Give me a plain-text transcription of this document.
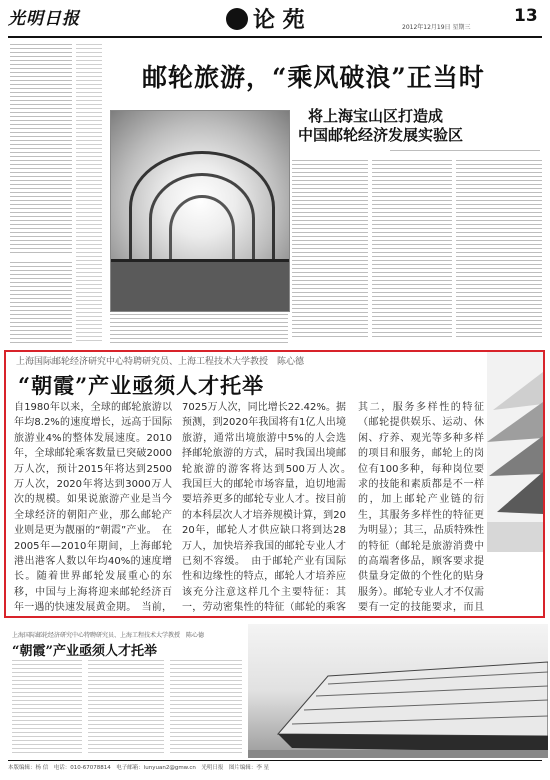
光明日报	论 苑	2012年12月19日 星期三
13
邮轮旅游，“乘风破浪”正当时
将上海宝山区打造成
中国邮轮经济发展实验区
上海国际邮轮经济研究中心特聘研究员、上海工程技术大学教授　陈心德
“朝霞”产业亟须人才托举
自1980年以来，全球的邮轮旅游以年均8.2%的速度增长，远高于国际旅游业4%的整体发展速度。2010年，全球邮轮乘客数量已突破2000万人次，预计2015年将达到2500万人次，2020年将达到3000万人次的规模。如果说旅游产业是当今全球经济的朝阳产业，那么邮轮产业则是更为靓丽的“朝霞”产业。　在2005年—2010年期间，上海邮轮港出港客人数以年均40%的速度增长。随着世界邮轮发展重心的东移，中国与上海将迎来邮轮经济百年一遇的快速发展黄金期。　当前，
7025万人次，同比增长22.42%。据预测，到2020年我国将有1亿人出境旅游，通常出境旅游中5%的人会选择邮轮旅游的方式，届时我国出境邮轮旅游的游客将达到500万人次。　我国巨大的邮轮市场容量，迫切地需要培养更多的邮轮专业人才。按目前的本科层次人才培养规模计算，到2020年，邮轮人才供应缺口将到达28万人，加快培养我国的邮轮专业人才已刻不容缓。　由于邮轮产业有国际性和边缘性的特点，邮轮人才培养应该充分注意这样几个主要特征：其一，劳动密集性的特征（邮轮的乘客
其二，服务多样性的特征（邮轮提供娱乐、运动、休闲、疗养、观光等多种多样的项目和服务，邮轮上的岗位有100多种，每种岗位要求的技能和素质都是不一样的，加上邮轮产业链的衍生，其服务多样性的特征更为明显）；其三，品质特殊性的特征（邮轮是旅游消费中的高端奢侈品，顾客要求提供量身定做的个性化的贴身服务）。邮轮专业人才不仅需要有一定的技能要求，而且
上海国际邮轮经济研究中心特聘研究员、上海工程技术大学教授　陈心德
“朝霞”产业亟须人才托举
本版编辑：杨 信　电话：010-67078814　电子邮箱：lunyuan2@gmw.cn　光明日报　图片编辑：李 星
